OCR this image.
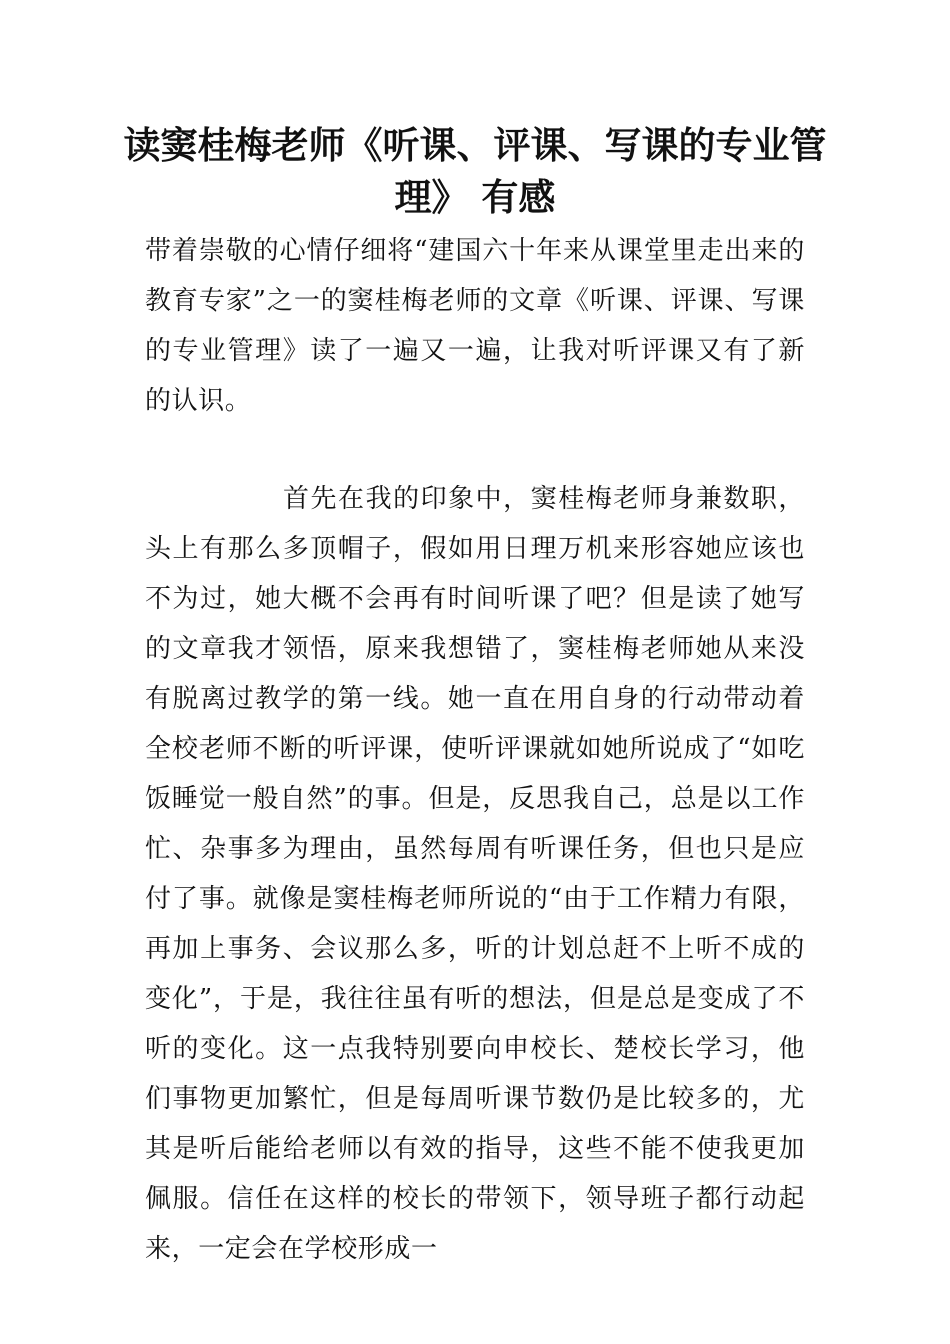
读窦桂梅老师《听课、评课、写课的专业管理》 有感

带着崇敬的心情仔细将“建国六十年来从课堂里走出来的教育专家”之一的窦桂梅老师的文章《听课、评课、写课的专业管理》读了一遍又一遍，让我对听评课又有了新的认识。

首先在我的印象中，窦桂梅老师身兼数职，头上有那么多顶帽子，假如用日理万机来形容她应该也不为过，她大概不会再有时间听课了吧？但是读了她写的文章我才领悟，原来我想错了，窦桂梅老师她从来没有脱离过教学的第一线。她一直在用自身的行动带动着全校老师不断的听评课，使听评课就如她所说成了“如吃饭睡觉一般自然”的事。但是，反思我自己，总是以工作忙、杂事多为理由，虽然每周有听课任务，但也只是应付了事。就像是窦桂梅老师所说的“由于工作精力有限，再加上事务、会议那么多，听的计划总赶不上听不成的变化”，于是，我往往虽有听的想法，但是总是变成了不听的变化。这一点我特别要向申校长、楚校长学习，他们事物更加繁忙，但是每周听课节数仍是比较多的，尤其是听后能给老师以有效的指导，这些不能不使我更加佩服。信任在这样的校长的带领下，领导班子都行动起来，一定会在学校形成一
